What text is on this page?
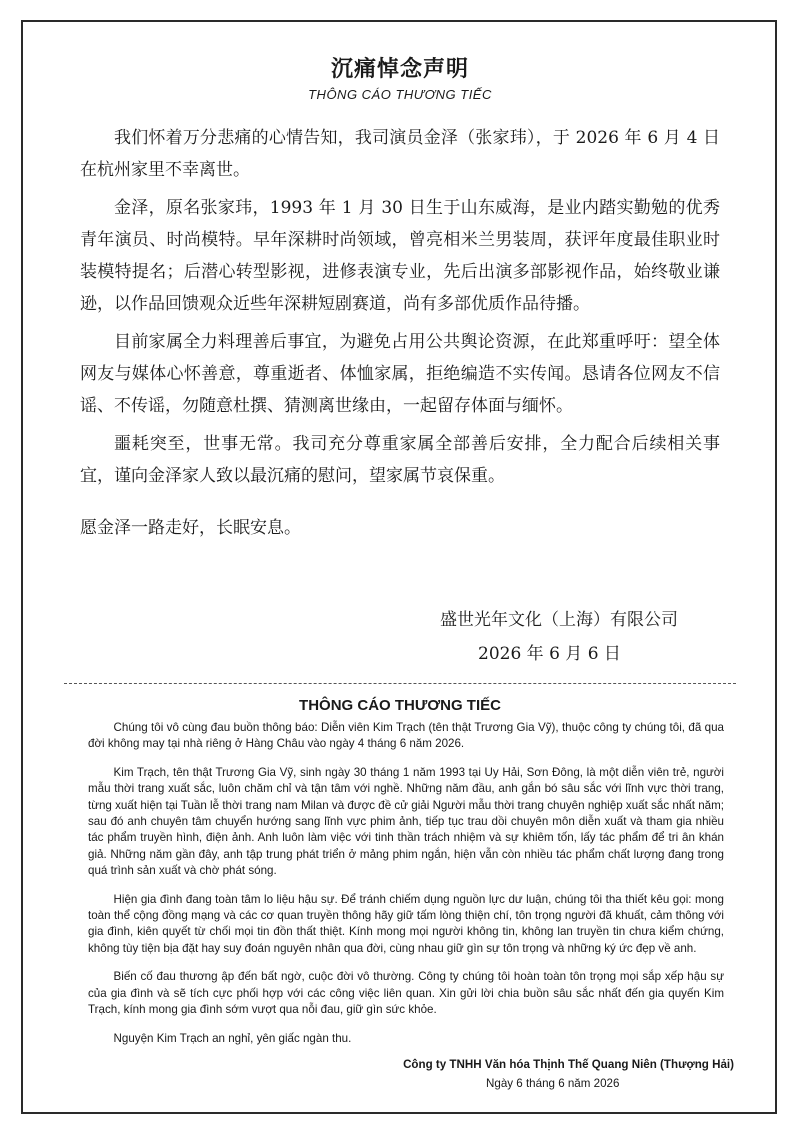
沉痛悼念声明
THÔNG CÁO THƯƠNG TIẾC

我们怀着万分悲痛的心情告知，我司演员金泽（张家玮），于 2026 年 6 月 4 日在杭州家里不幸离世。

金泽，原名张家玮，1993 年 1 月 30 日生于山东威海，是业内踏实勤勉的优秀青年演员、时尚模特。早年深耕时尚领域，曾亮相米兰男装周，获评年度最佳职业时装模特提名；后潜心转型影视，进修表演专业，先后出演多部影视作品，始终敬业谦逊，以作品回馈观众近些年深耕短剧赛道，尚有多部优质作品待播。

目前家属全力料理善后事宜，为避免占用公共舆论资源，在此郑重呼吁：望全体网友与媒体心怀善意，尊重逝者、体恤家属，拒绝编造不实传闻。恳请各位网友不信谣、不传谣，勿随意杜撰、猜测离世缘由，一起留存体面与缅怀。

噩耗突至，世事无常。我司充分尊重家属全部善后安排，全力配合后续相关事宜，谨向金泽家人致以最沉痛的慰问，望家属节哀保重。

愿金泽一路走好，长眠安息。

盛世光年文化（上海）有限公司
2026 年 6 月 6 日
THÔNG CÁO THƯƠNG TIẾC

Chúng tôi vô cùng đau buồn thông báo: Diễn viên Kim Trạch (tên thật Trương Gia Vỹ), thuộc công ty chúng tôi, đã qua đời không may tại nhà riêng ở Hàng Châu vào ngày 4 tháng 6 năm 2026.

Kim Trạch, tên thật Trương Gia Vỹ, sinh ngày 30 tháng 1 năm 1993 tại Uy Hải, Sơn Đông, là một diễn viên trẻ, người mẫu thời trang xuất sắc, luôn chăm chỉ và tận tâm với nghề. Những năm đầu, anh gắn bó sâu sắc với lĩnh vực thời trang, từng xuất hiện tại Tuần lễ thời trang nam Milan và được đề cử giải Người mẫu thời trang chuyên nghiệp xuất sắc nhất năm; sau đó anh chuyên tâm chuyển hướng sang lĩnh vực phim ảnh, tiếp tục trau dồi chuyên môn diễn xuất và tham gia nhiều tác phẩm truyền hình, điện ảnh. Anh luôn làm việc với tinh thần trách nhiệm và sự khiêm tốn, lấy tác phẩm để tri ân khán giả. Những năm gần đây, anh tập trung phát triển ở mảng phim ngắn, hiện vẫn còn nhiều tác phẩm chất lượng đang trong quá trình sản xuất và chờ phát sóng.

Hiện gia đình đang toàn tâm lo liệu hậu sự. Để tránh chiếm dụng nguồn lực dư luận, chúng tôi tha thiết kêu gọi: mong toàn thể cộng đồng mạng và các cơ quan truyền thông hãy giữ tấm lòng thiện chí, tôn trọng người đã khuất, cảm thông với gia đình, kiên quyết từ chối mọi tin đồn thất thiệt. Kính mong mọi người không tin, không lan truyền tin chưa kiểm chứng, không tùy tiện bịa đặt hay suy đoán nguyên nhân qua đời, cùng nhau giữ gìn sự tôn trọng và những ký ức đẹp về anh.

Biến cố đau thương ập đến bất ngờ, cuộc đời vô thường. Công ty chúng tôi hoàn toàn tôn trọng mọi sắp xếp hậu sự của gia đình và sẽ tích cực phối hợp với các công việc liên quan. Xin gửi lời chia buồn sâu sắc nhất đến gia quyến Kim Trạch, kính mong gia đình sớm vượt qua nỗi đau, giữ gìn sức khỏe.

Nguyện Kim Trạch an nghỉ, yên giấc ngàn thu.

Công ty TNHH Văn hóa Thịnh Thế Quang Niên (Thượng Hải)
Ngày 6 tháng 6 năm 2026
